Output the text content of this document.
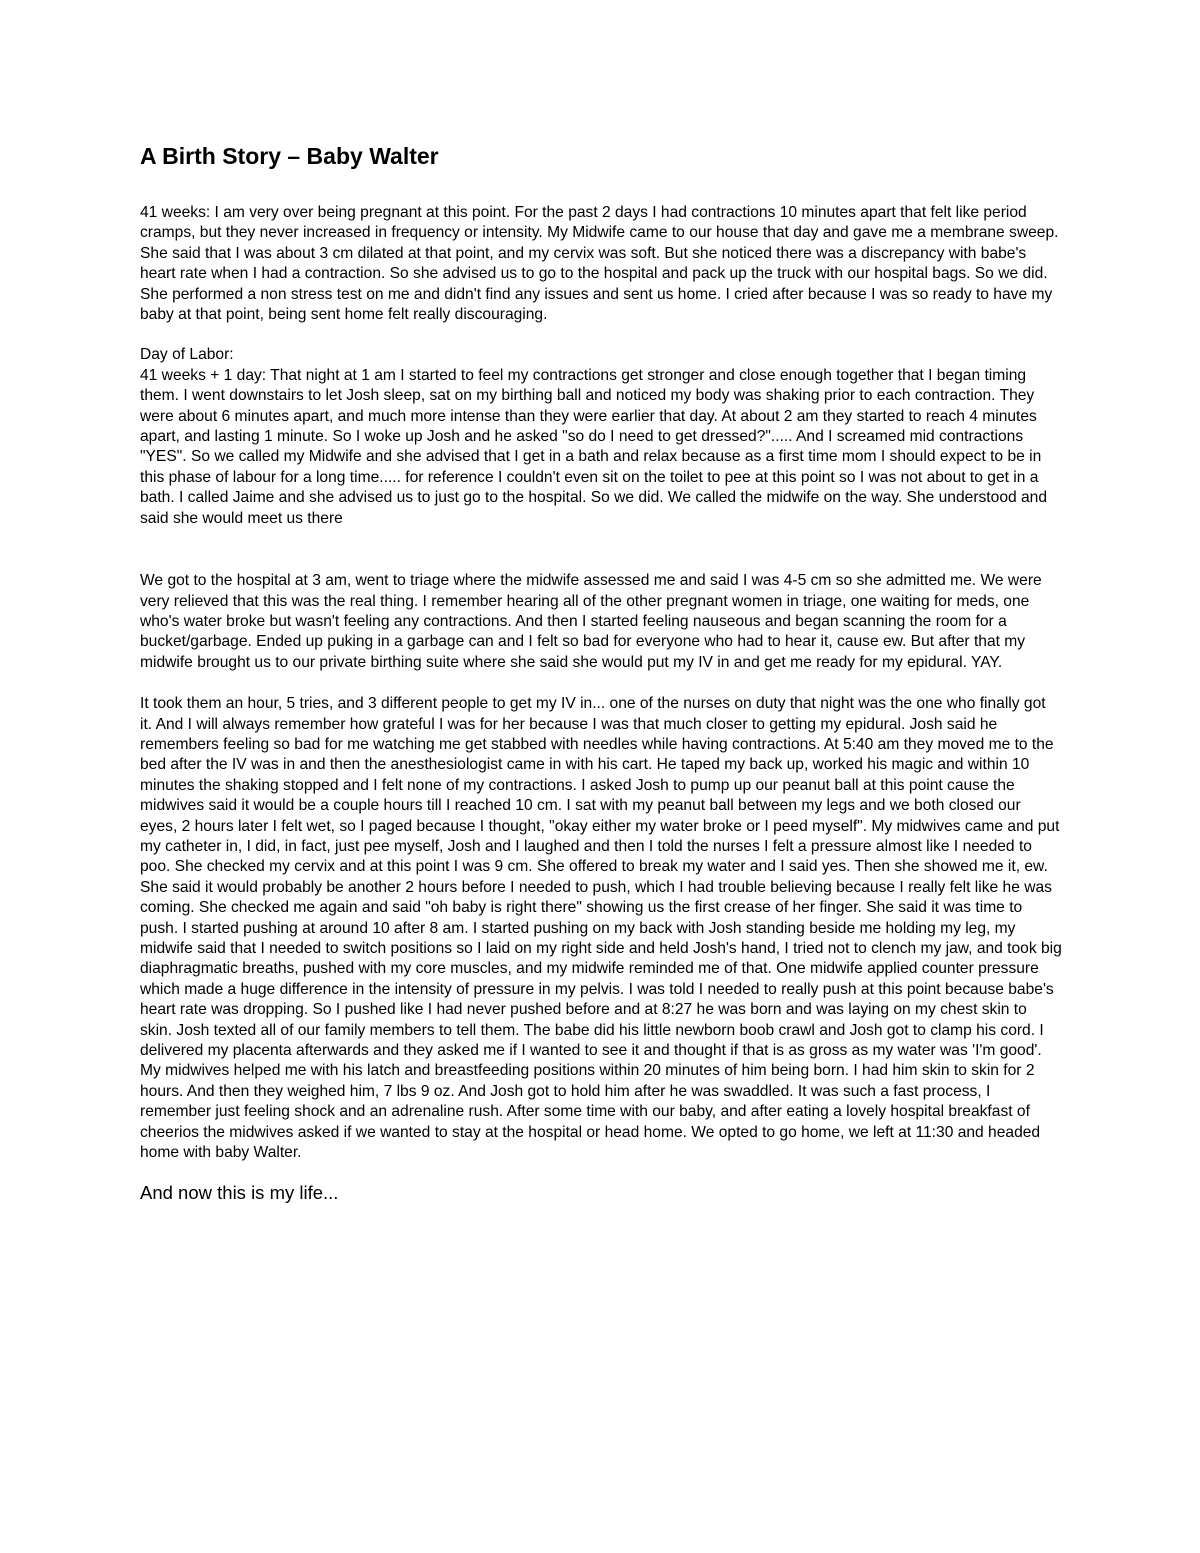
A Birth Story – Baby Walter

41 weeks: I am very over being pregnant at this point. For the past 2 days I had contractions 10 minutes apart that felt like period cramps, but they never increased in frequency or intensity. My Midwife came to our house that day and gave me a membrane sweep. She said that I was about 3 cm dilated at that point, and my cervix was soft. But she noticed there was a discrepancy with babe's heart rate when I had a contraction. So she advised us to go to the hospital and pack up the truck with our hospital bags. So we did. She performed a non stress test on me and didn't find any issues and sent us home. I cried after because I was so ready to have my baby at that point, being sent home felt really discouraging.

Day of Labor:
41 weeks + 1 day: That night at 1 am I started to feel my contractions get stronger and close enough together that I began timing them. I went downstairs to let Josh sleep, sat on my birthing ball and noticed my body was shaking prior to each contraction. They were about 6 minutes apart, and much more intense than they were earlier that day. At about 2 am they started to reach 4 minutes apart, and lasting 1 minute. So I woke up Josh and he asked "so do I need to get dressed?"..... And I screamed mid contractions "YES". So we called my Midwife and she advised that I get in a bath and relax because as a first time mom I should expect to be in this phase of labour for a long time..... for reference I couldn't even sit on the toilet to pee at this point so I was not about to get in a bath. I called Jaime and she advised us to just go to the hospital. So we did. We called the midwife on the way. She understood and said she would meet us there

We got to the hospital at 3 am, went to triage where the midwife assessed me and said I was 4-5 cm so she admitted me. We were very relieved that this was the real thing. I remember hearing all of the other pregnant women in triage, one waiting for meds, one who's water broke but wasn't feeling any contractions. And then I started feeling nauseous and began scanning the room for a bucket/garbage. Ended up puking in a garbage can and I felt so bad for everyone who had to hear it, cause ew. But after that my midwife brought us to our private birthing suite where she said she would put my IV in and get me ready for my epidural. YAY.

It took them an hour, 5 tries, and 3 different people to get my IV in... one of the nurses on duty that night was the one who finally got it. And I will always remember how grateful I was for her because I was that much closer to getting my epidural. Josh said he remembers feeling so bad for me watching me get stabbed with needles while having contractions. At 5:40 am they moved me to the bed after the IV was in and then the anesthesiologist came in with his cart. He taped my back up, worked his magic and within 10 minutes the shaking stopped and I felt none of my contractions. I asked Josh to pump up our peanut ball at this point cause the midwives said it would be a couple hours till I reached 10 cm. I sat with my peanut ball between my legs and we both closed our eyes, 2 hours later I felt wet, so I paged because I thought, "okay either my water broke or I peed myself". My midwives came and put my catheter in, I did, in fact, just pee myself, Josh and I laughed and then I told the nurses I felt a pressure almost like I needed to poo. She checked my cervix and at this point I was 9 cm. She offered to break my water and I said yes. Then she showed me it, ew. She said it would probably be another 2 hours before I needed to push, which I had trouble believing because I really felt like he was coming. She checked me again and said "oh baby is right there" showing us the first crease of her finger. She said it was time to push. I started pushing at around 10 after 8 am. I started pushing on my back with Josh standing beside me holding my leg, my midwife said that I needed to switch positions so I laid on my right side and held Josh's hand, I tried not to clench my jaw, and took big diaphragmatic breaths, pushed with my core muscles, and my midwife reminded me of that. One midwife applied counter pressure which made a huge difference in the intensity of pressure in my pelvis. I was told I needed to really push at this point because babe's heart rate was dropping. So I pushed like I had never pushed before and at 8:27 he was born and was laying on my chest skin to skin. Josh texted all of our family members to tell them. The babe did his little newborn boob crawl and Josh got to clamp his cord. I delivered my placenta afterwards and they asked me if I wanted to see it and thought if that is as gross as my water was 'I'm good'.
My midwives helped me with his latch and breastfeeding positions within 20 minutes of him being born. I had him skin to skin for 2 hours. And then they weighed him, 7 lbs 9 oz. And Josh got to hold him after he was swaddled. It was such a fast process, I remember just feeling shock and an adrenaline rush. After some time with our baby, and after eating a lovely hospital breakfast of cheerios the midwives asked if we wanted to stay at the hospital or head home. We opted to go home, we left at 11:30 and headed home with baby Walter.

And now this is my life...
